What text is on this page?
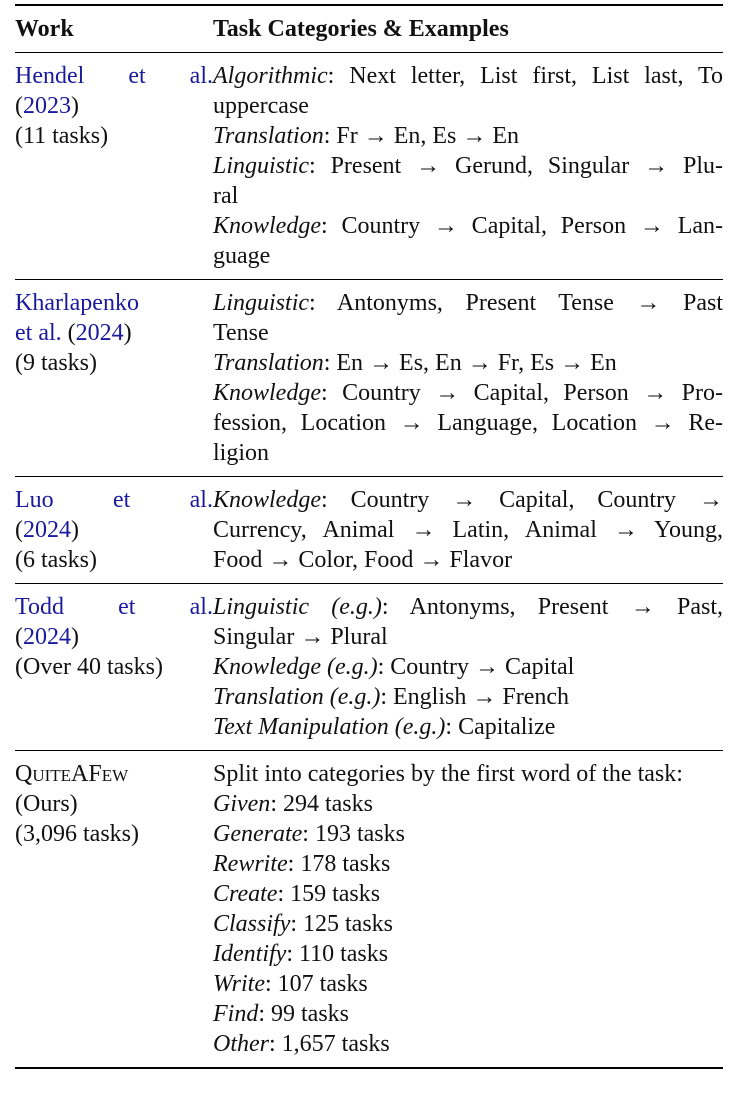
Work	Task Categories & Examples
Hendel et al.
(2023)
(11 tasks)
Algorithmic: Next letter, List first, List last, To
uppercase
Translation: Fr → En, Es → En
Linguistic: Present → Gerund, Singular → Plu-
ral
Knowledge: Country → Capital, Person → Lan-
guage
Kharlapenko
et al. (2024)
(9 tasks)
Linguistic: Antonyms, Present Tense → Past
Tense
Translation: En → Es, En → Fr, Es → En
Knowledge: Country → Capital, Person → Pro-
fession, Location → Language, Location → Re-
ligion
Luo et al.
(2024)
(6 tasks)
Knowledge: Country → Capital, Country →
Currency, Animal → Latin, Animal → Young,
Food → Color, Food → Flavor
Todd et al.
(2024)
(Over 40 tasks)
Linguistic (e.g.): Antonyms, Present → Past,
Singular → Plural
Knowledge (e.g.): Country → Capital
Translation (e.g.): English → French
Text Manipulation (e.g.): Capitalize
QuiteAFew
(Ours)
(3,096 tasks)
Split into categories by the first word of the task:
Given: 294 tasks
Generate: 193 tasks
Rewrite: 178 tasks
Create: 159 tasks
Classify: 125 tasks
Identify: 110 tasks
Write: 107 tasks
Find: 99 tasks
Other: 1,657 tasks
